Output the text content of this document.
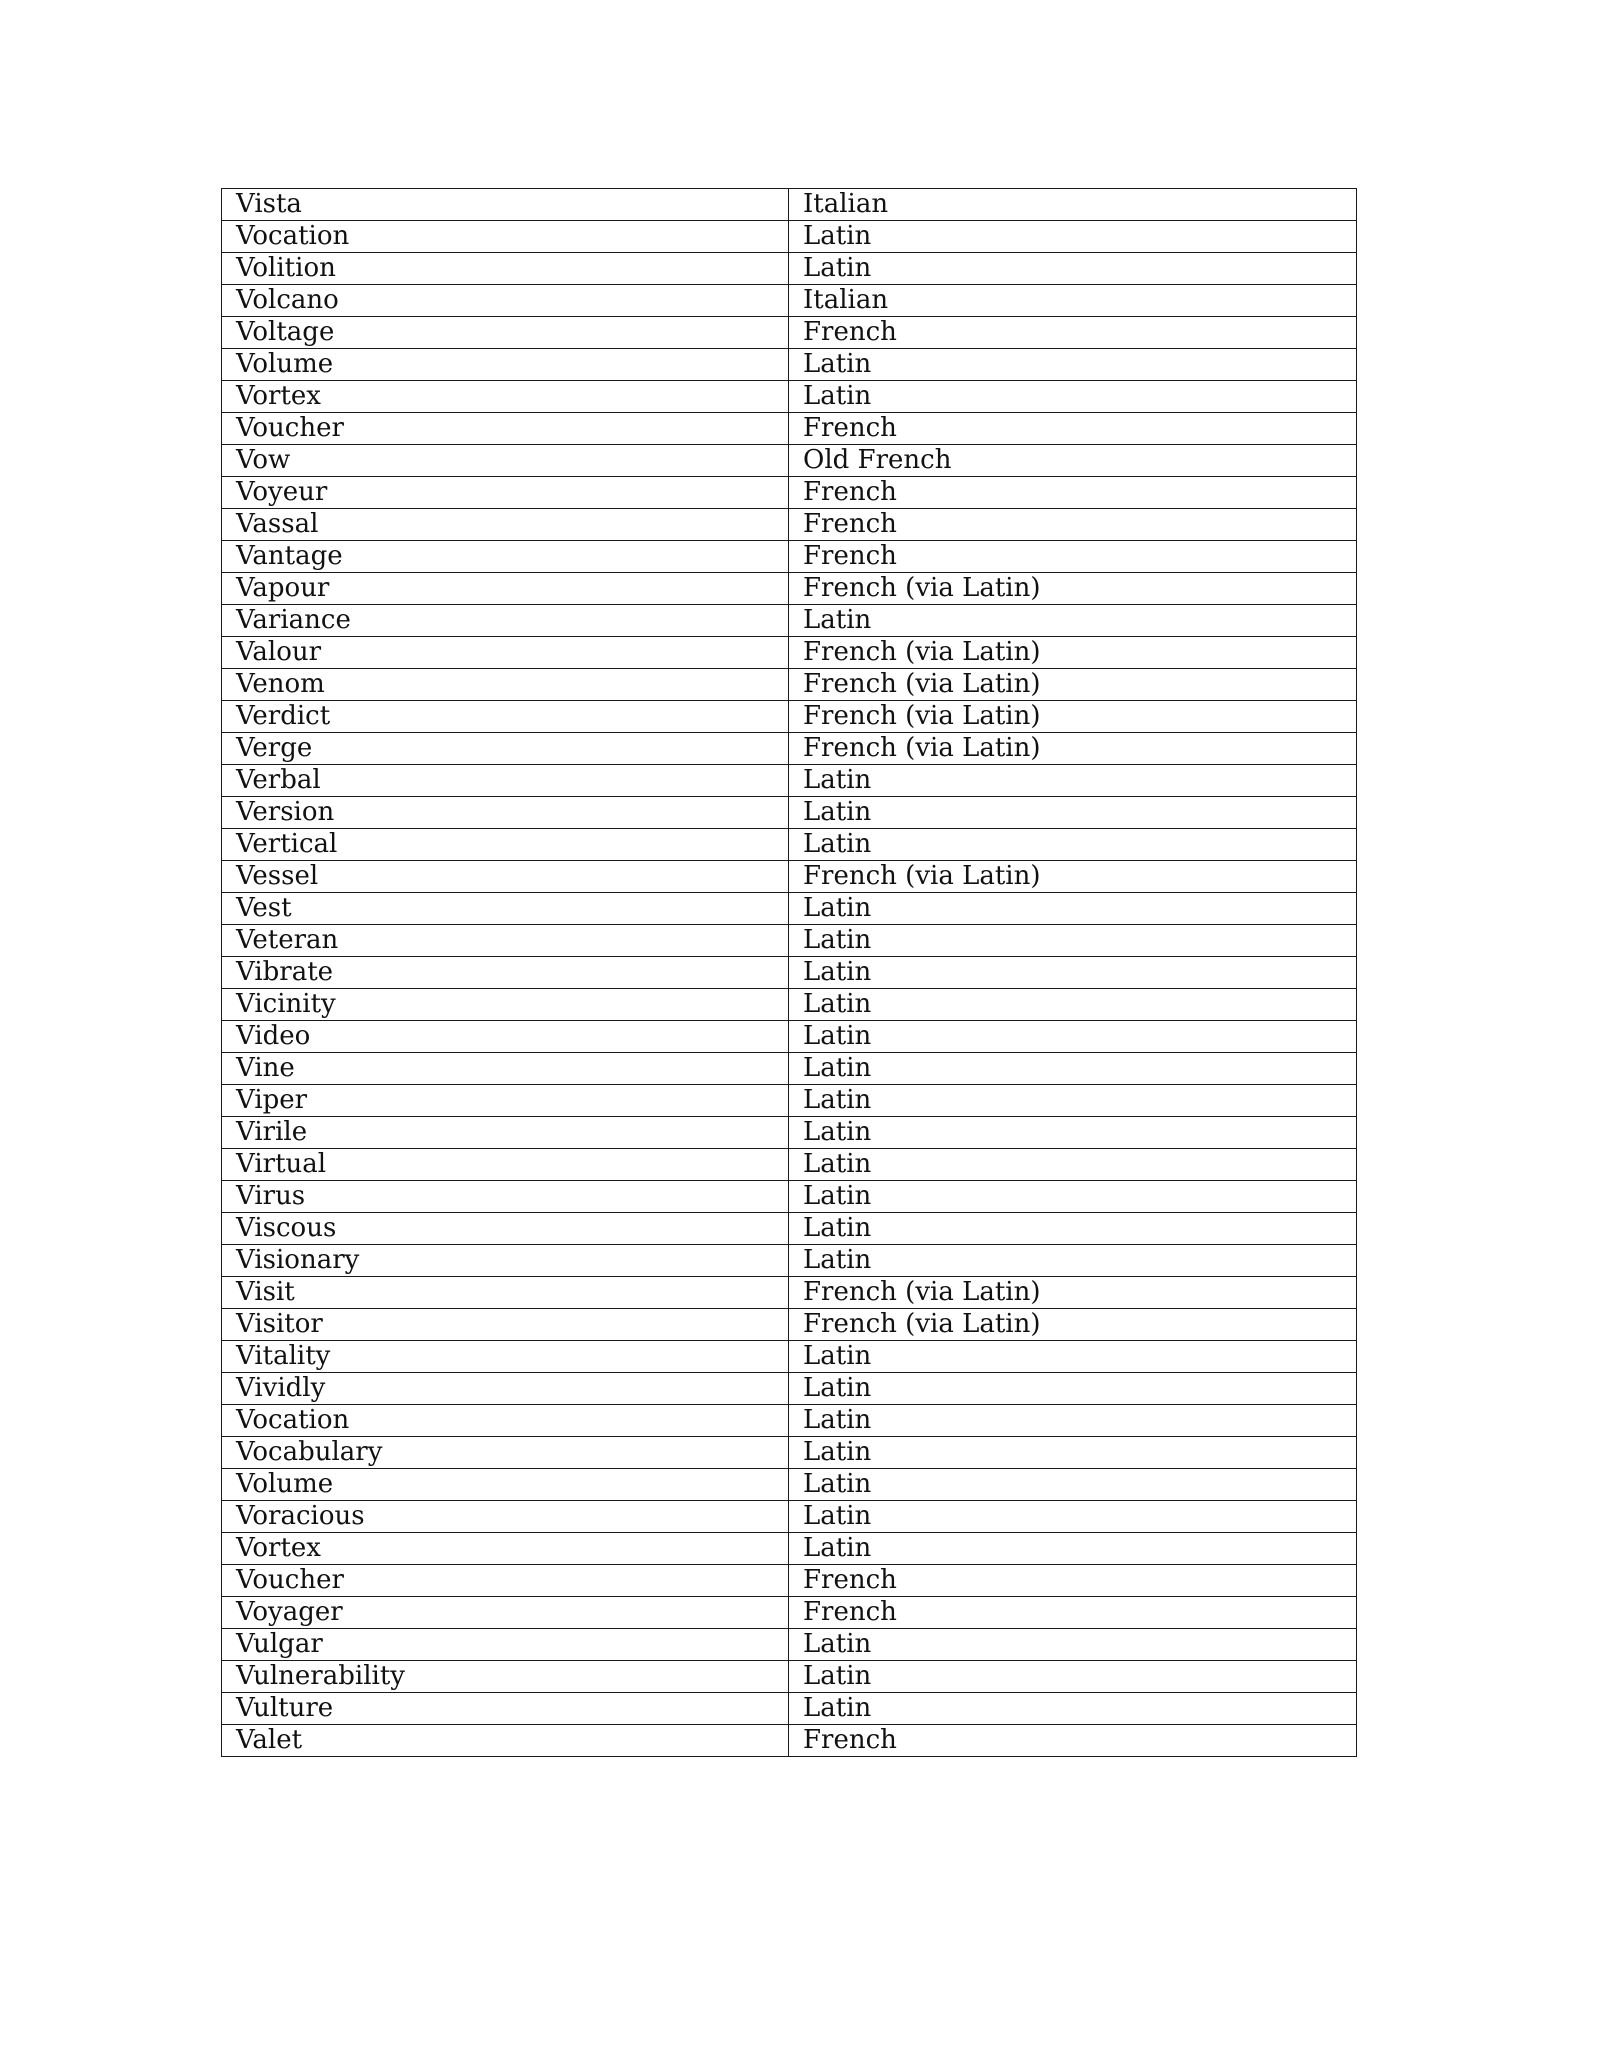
Vista	Italian
Vocation	Latin
Volition	Latin
Volcano	Italian
Voltage	French
Volume	Latin
Vortex	Latin
Voucher	French
Vow	Old French
Voyeur	French
Vassal	French
Vantage	French
Vapour	French (via Latin)
Variance	Latin
Valour	French (via Latin)
Venom	French (via Latin)
Verdict	French (via Latin)
Verge	French (via Latin)
Verbal	Latin
Version	Latin
Vertical	Latin
Vessel	French (via Latin)
Vest	Latin
Veteran	Latin
Vibrate	Latin
Vicinity	Latin
Video	Latin
Vine	Latin
Viper	Latin
Virile	Latin
Virtual	Latin
Virus	Latin
Viscous	Latin
Visionary	Latin
Visit	French (via Latin)
Visitor	French (via Latin)
Vitality	Latin
Vividly	Latin
Vocation	Latin
Vocabulary	Latin
Volume	Latin
Voracious	Latin
Vortex	Latin
Voucher	French
Voyager	French
Vulgar	Latin
Vulnerability	Latin
Vulture	Latin
Valet	French
